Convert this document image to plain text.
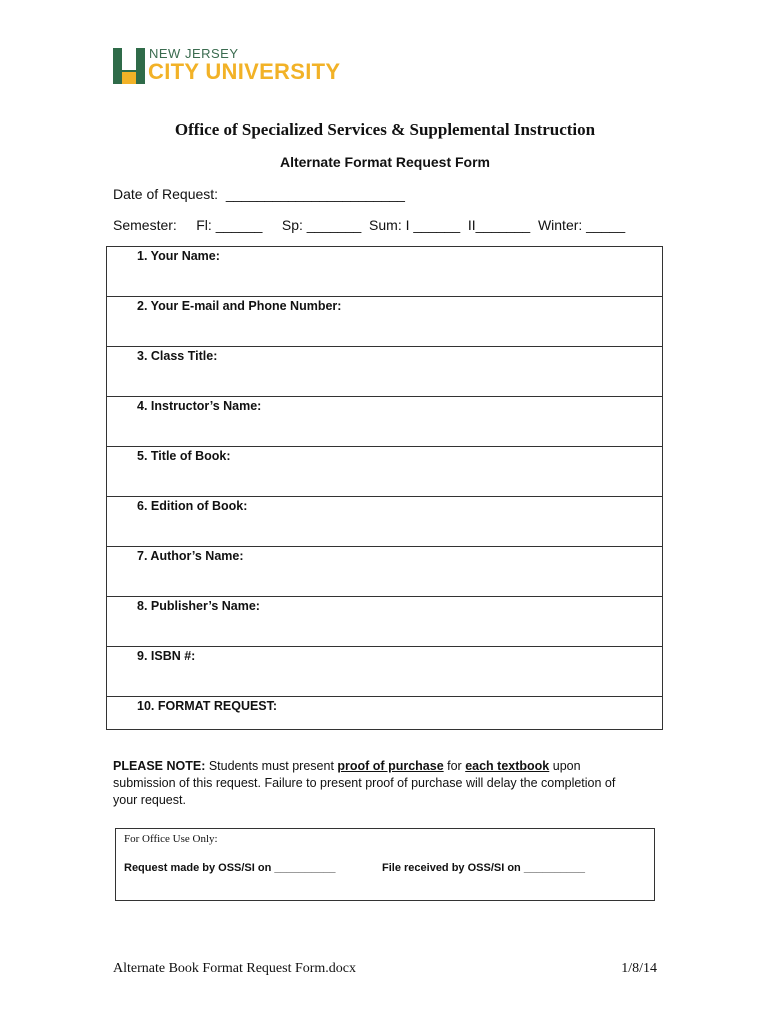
NEW JERSEY
CITY UNIVERSITY
Office of Specialized Services & Supplemental Instruction
Alternate Format Request Form
Date of Request:  _______________________
Semester:     Fl: ______     Sp: _______  Sum: I ______  II_______  Winter: _____
1. Your Name:
2. Your E-mail and Phone Number:
3. Class Title:
4. Instructor’s Name:
5. Title of Book:
6. Edition of Book:
7. Author’s Name:
8. Publisher’s Name:
9. ISBN #:
10. FORMAT REQUEST:
PLEASE NOTE: Students must present proof of purchase for each textbook upon submission of this request. Failure to present proof of purchase will delay the completion of your request.
For Office Use Only:
Request made by OSS/SI on __________	File received by OSS/SI on __________
Alternate Book Format Request Form.docx	1/8/14
